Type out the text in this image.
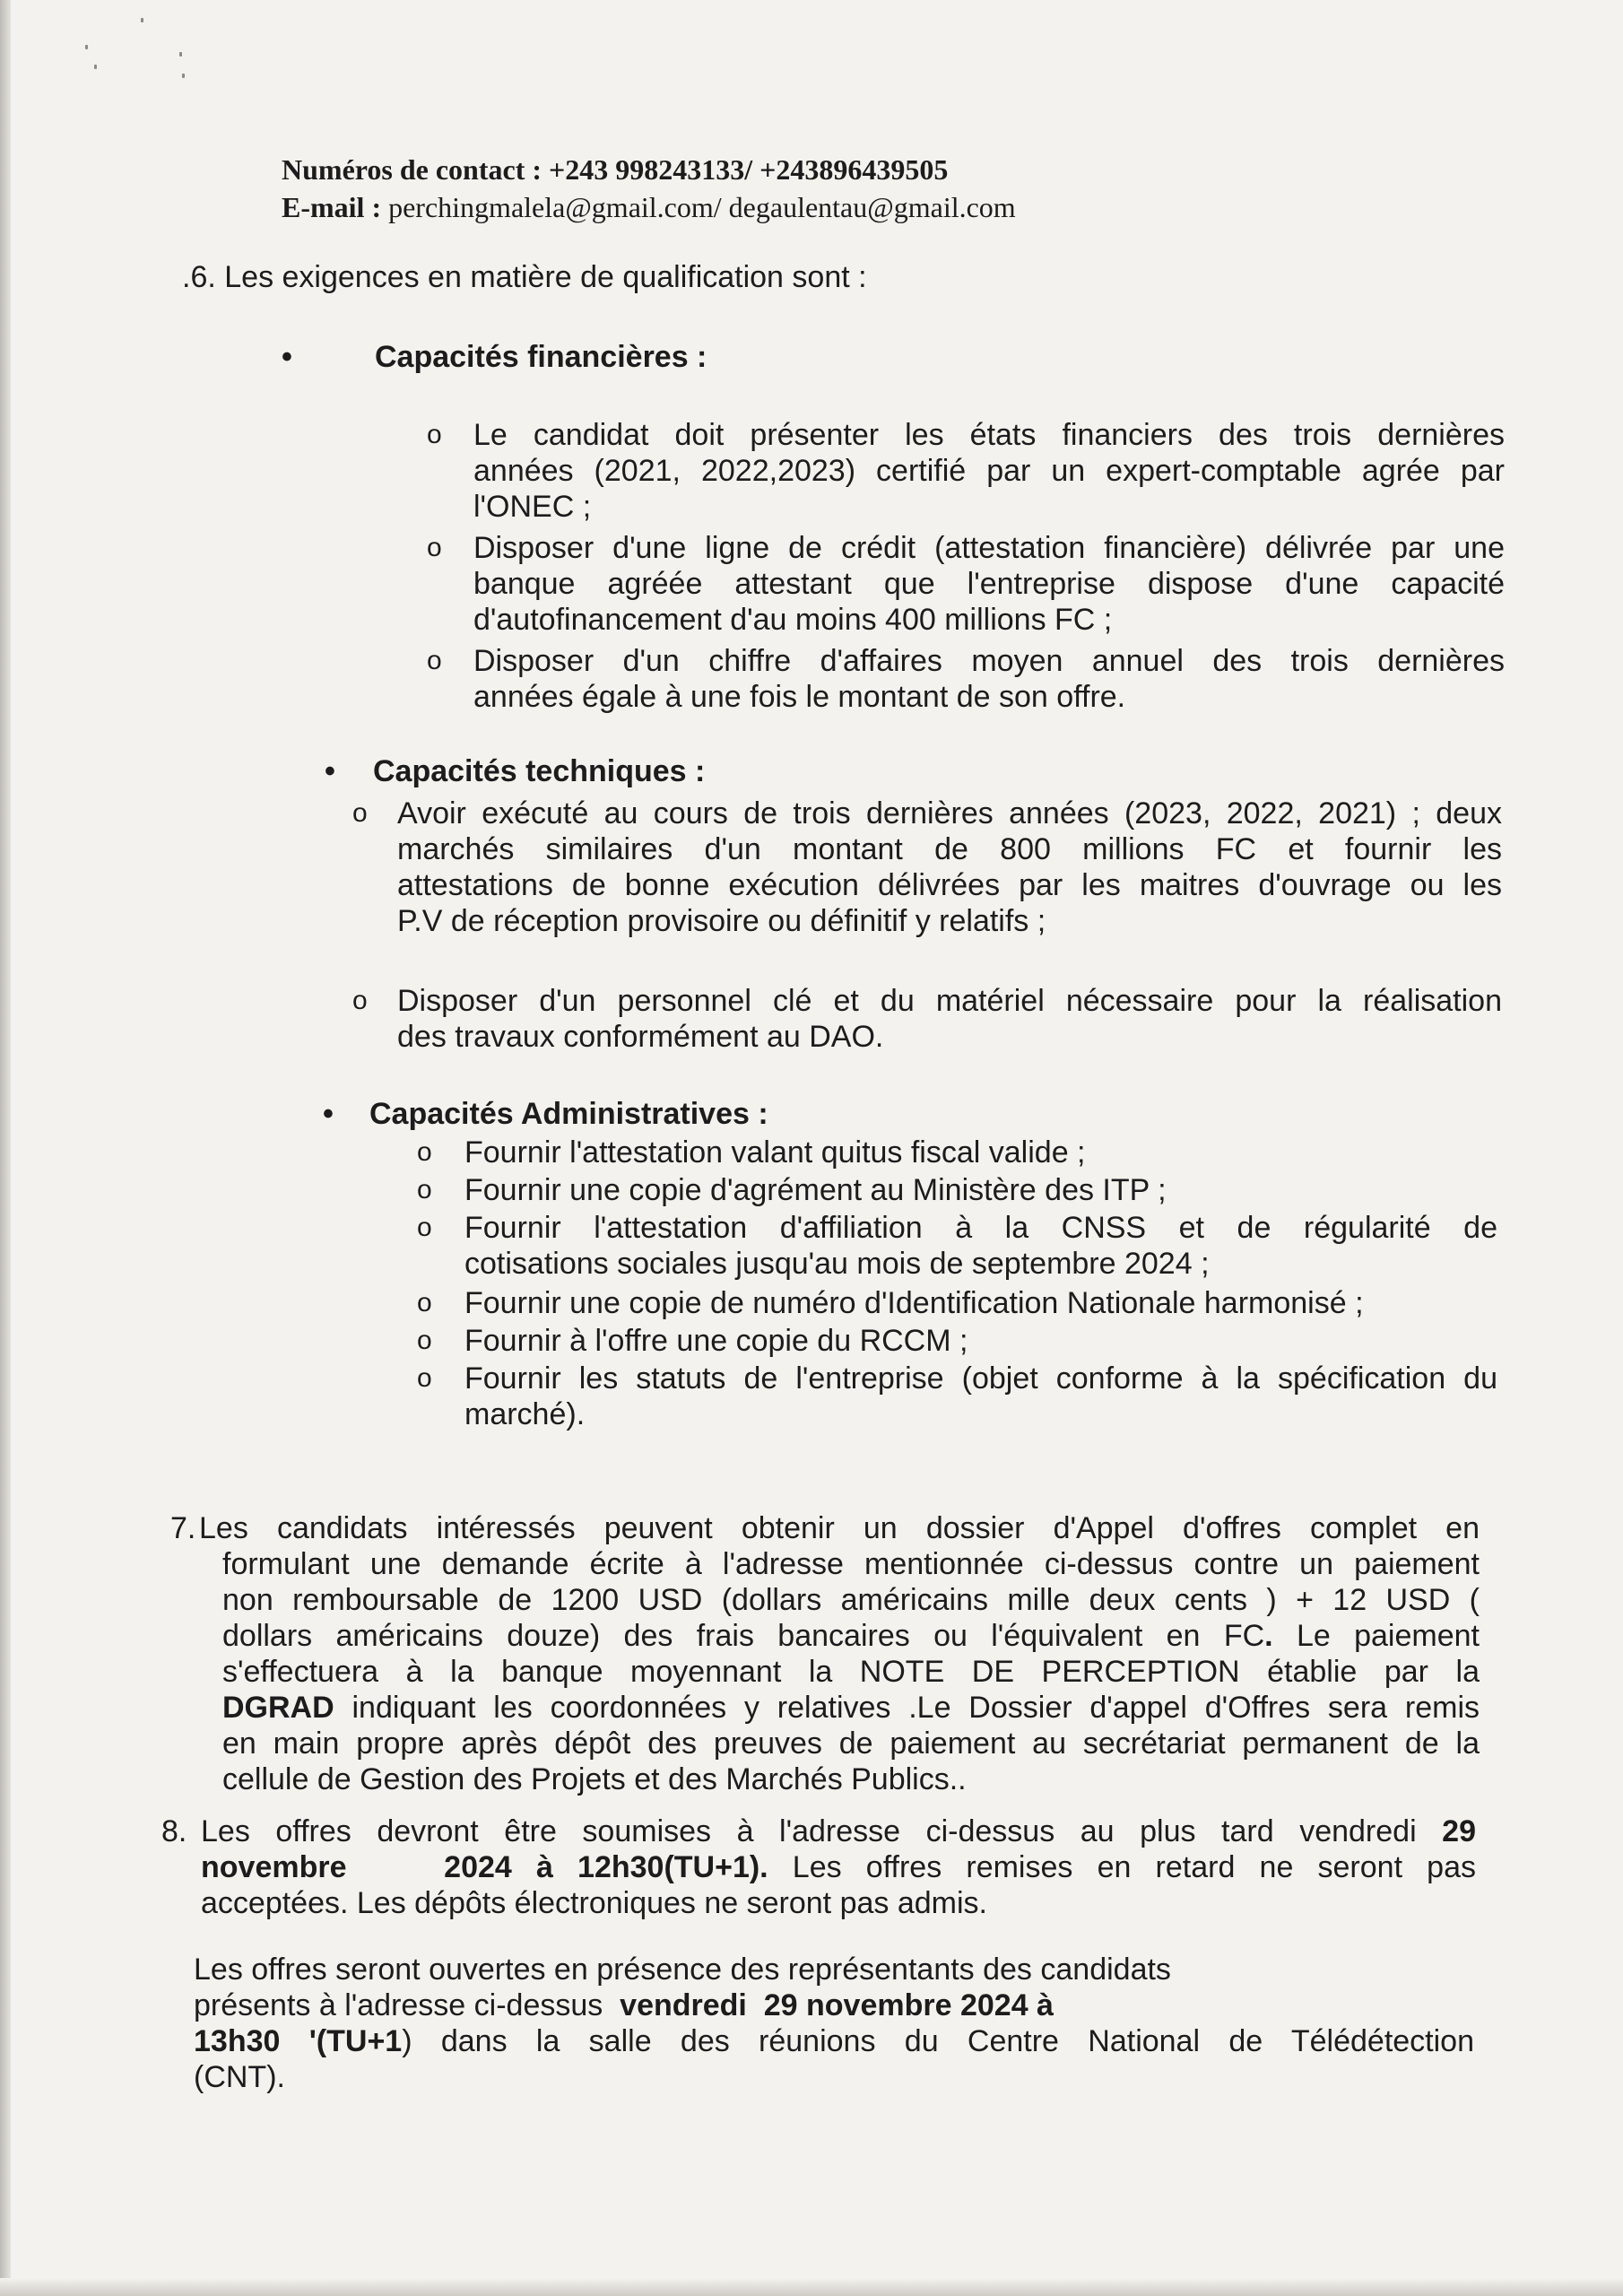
Numéros de contact : +243 998243133/ +243896439505
E-mail : perchingmalela@gmail.com/ degaulentau@gmail.com
.6. Les exigences en matière de qualification sont :
•	Capacités financières :
o Le candidat doit présenter les états financiers des trois dernières
années (2021, 2022,2023) certifié par un expert-comptable agrée par
l'ONEC ;
o Disposer d'une ligne de crédit (attestation financière) délivrée par une
banque agréée attestant que l'entreprise dispose d'une capacité
d'autofinancement d'au moins 400 millions FC ;
o Disposer d'un chiffre d'affaires moyen annuel des trois dernières
années égale à une fois le montant de son offre.
• Capacités techniques :
o Avoir exécuté au cours de trois dernières années (2023, 2022, 2021) ; deux
marchés similaires d'un montant de 800 millions FC et fournir les
attestations de bonne exécution délivrées par les maitres d'ouvrage ou les
P.V de réception provisoire ou définitif y relatifs ;
o Disposer d'un personnel clé et du matériel nécessaire pour la réalisation
des travaux conformément au DAO.
• Capacités Administratives :
o Fournir l'attestation valant quitus fiscal valide ;
o Fournir une copie d'agrément au Ministère des ITP ;
o Fournir l'attestation d'affiliation à la CNSS et de régularité de
cotisations sociales jusqu'au mois de septembre 2024 ;
o Fournir une copie de numéro d'Identification Nationale harmonisé ;
o Fournir à l'offre une copie du RCCM ;
o Fournir les statuts de l'entreprise (objet conforme à la spécification du
marché).
7. Les candidats intéressés peuvent obtenir un dossier d'Appel d'offres complet en
formulant une demande écrite à l'adresse mentionnée ci-dessus contre un paiement
non remboursable de 1200 USD (dollars américains mille deux cents ) + 12 USD (
dollars américains douze) des frais bancaires ou l'équivalent en FC. Le paiement
s'effectuera à la banque moyennant la NOTE DE PERCEPTION établie par la
DGRAD indiquant les coordonnées y relatives .Le Dossier d'appel d'Offres sera remis
en main propre après dépôt des preuves de paiement au secrétariat permanent de la
cellule de Gestion des Projets et des Marchés Publics..
8. Les offres devront être soumises à l'adresse ci-dessus au plus tard vendredi 29
novembre    2024 à 12h30(TU+1). Les offres remises en retard ne seront pas
acceptées. Les dépôts électroniques ne seront pas admis.
Les offres seront ouvertes en présence des représentants des candidats
présents à l'adresse ci-dessus  vendredi  29 novembre 2024 à
13h30 '(TU+1) dans la salle des réunions du Centre National de Télédétection
(CNT).
